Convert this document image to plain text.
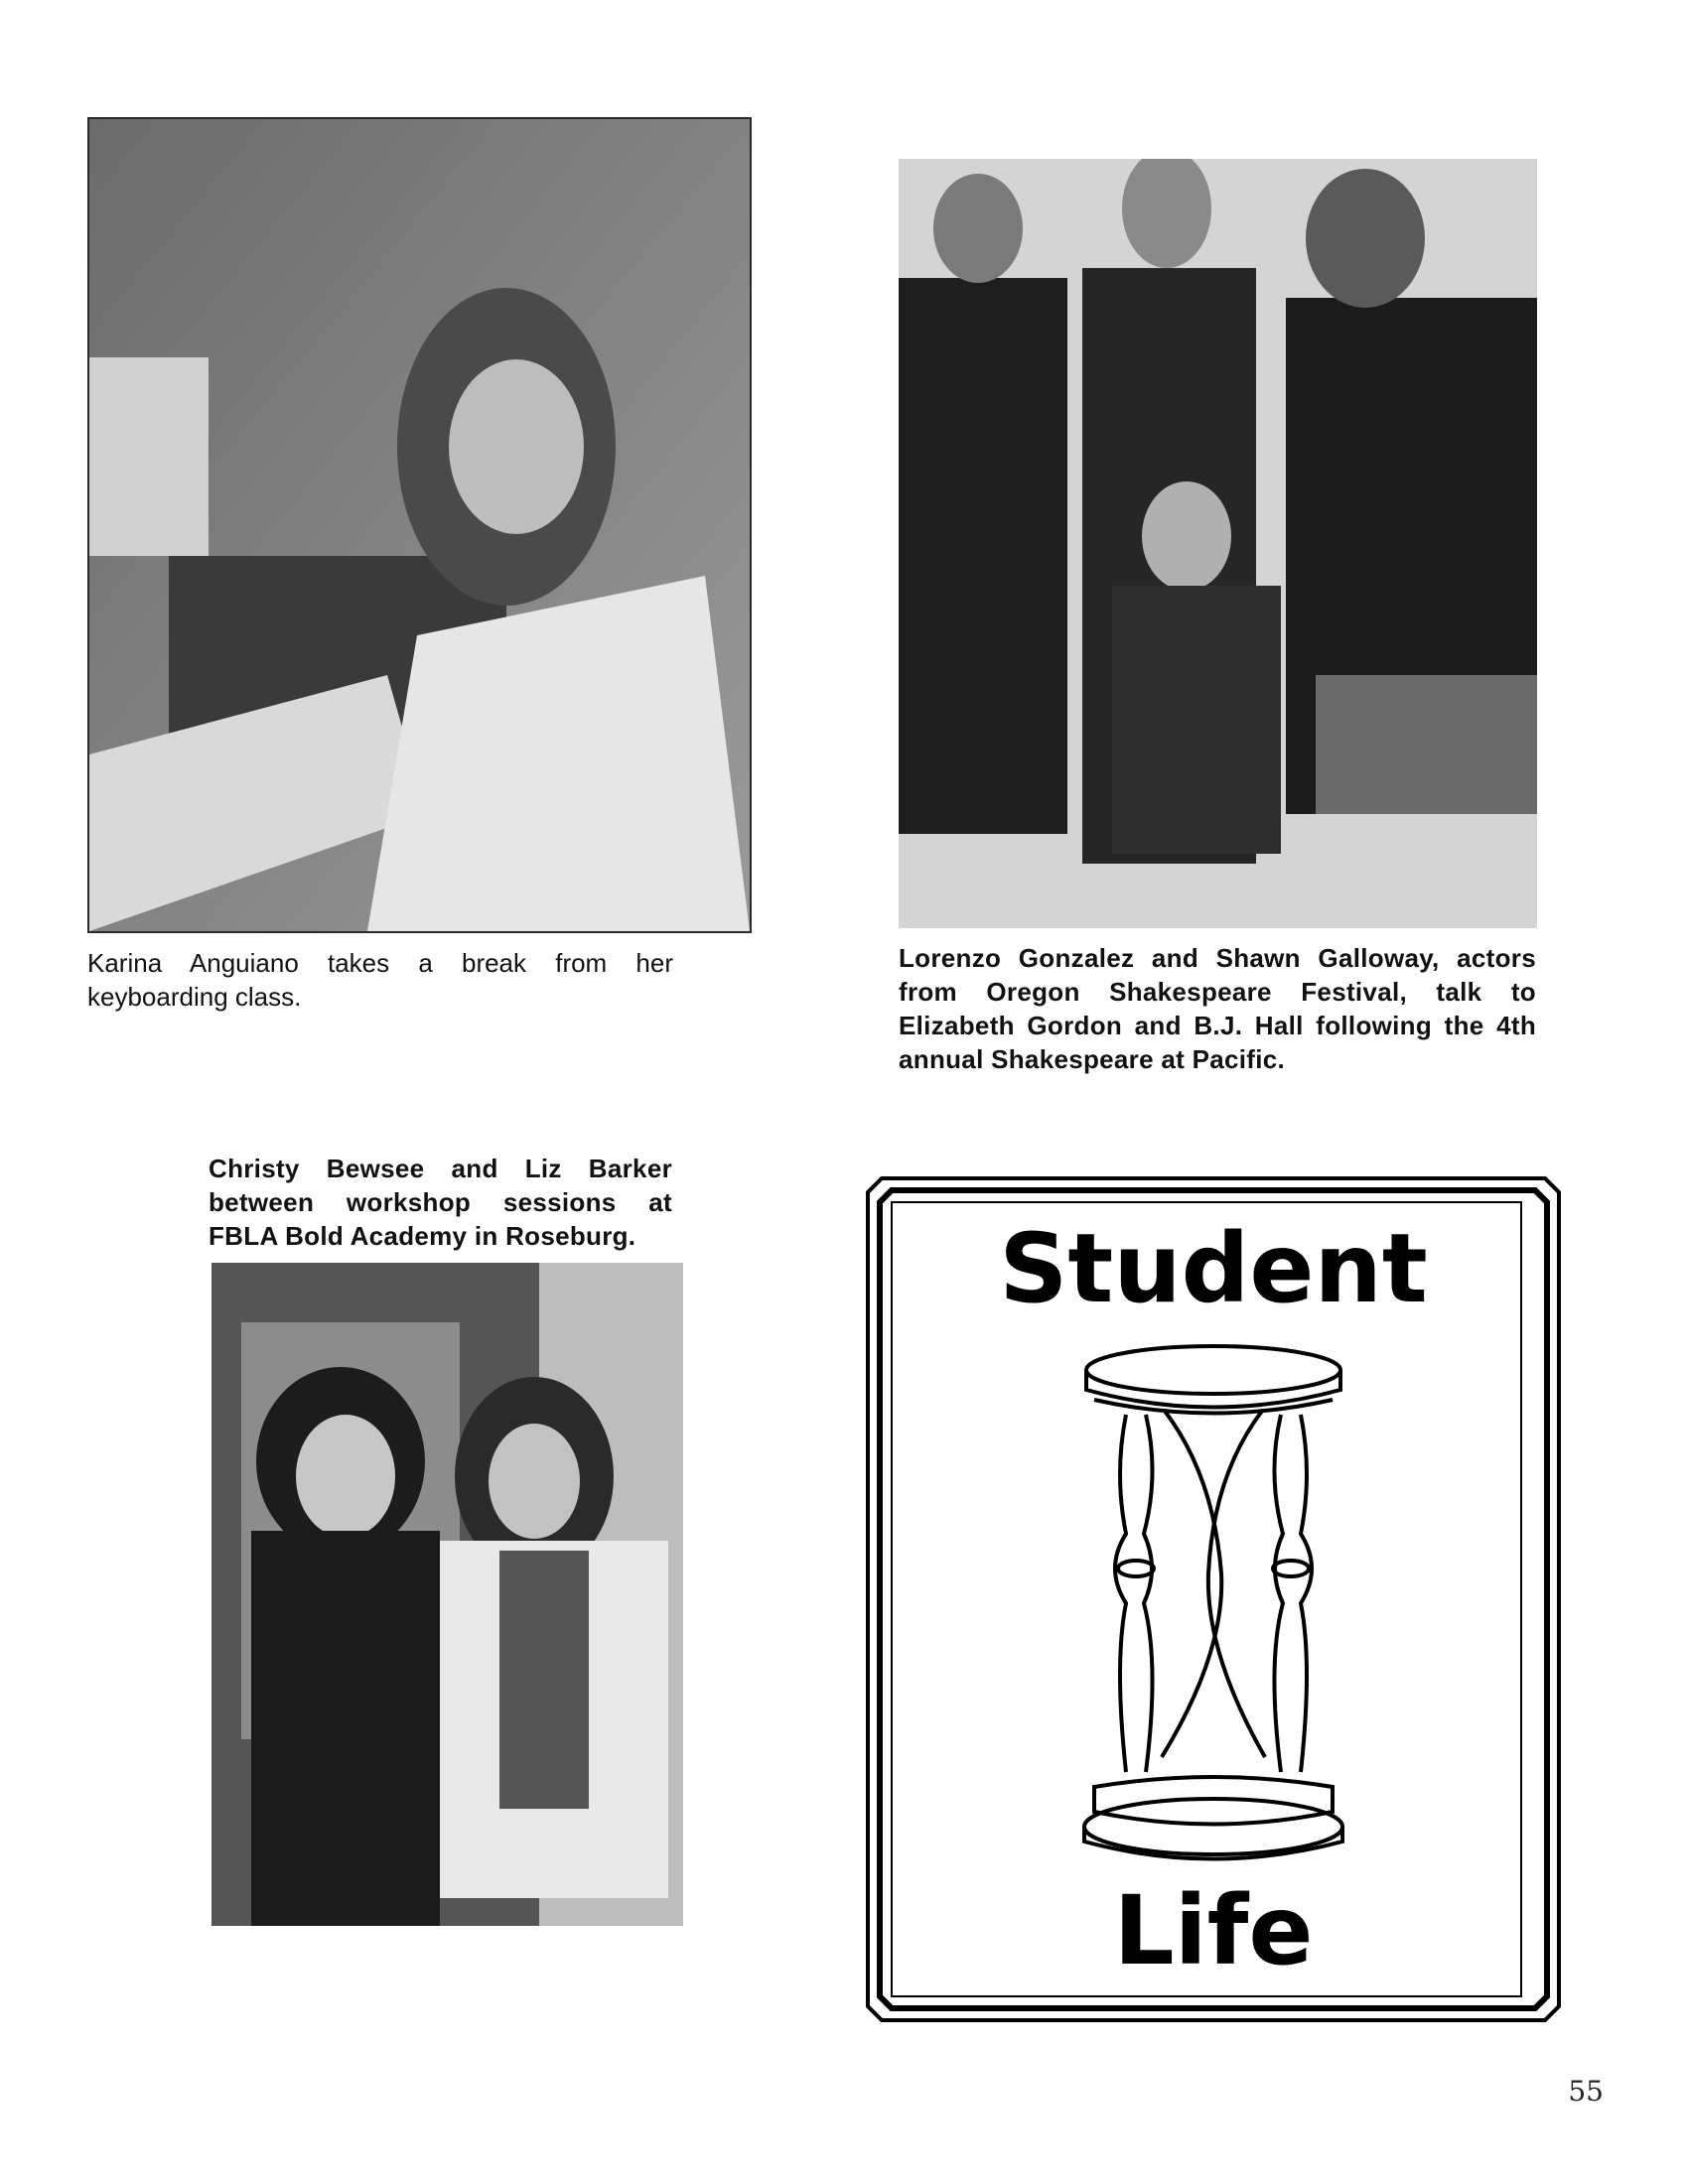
Karina Anguiano takes a break from her keyboarding class.

Lorenzo Gonzalez and Shawn Galloway, actors from Oregon Shakespeare Festival, talk to Elizabeth Gordon and B.J. Hall following the 4th annual Shakespeare at Pacific.

Christy Bewsee and Liz Barker between workshop sessions at FBLA Bold Academy in Roseburg.	Student

Life

55
